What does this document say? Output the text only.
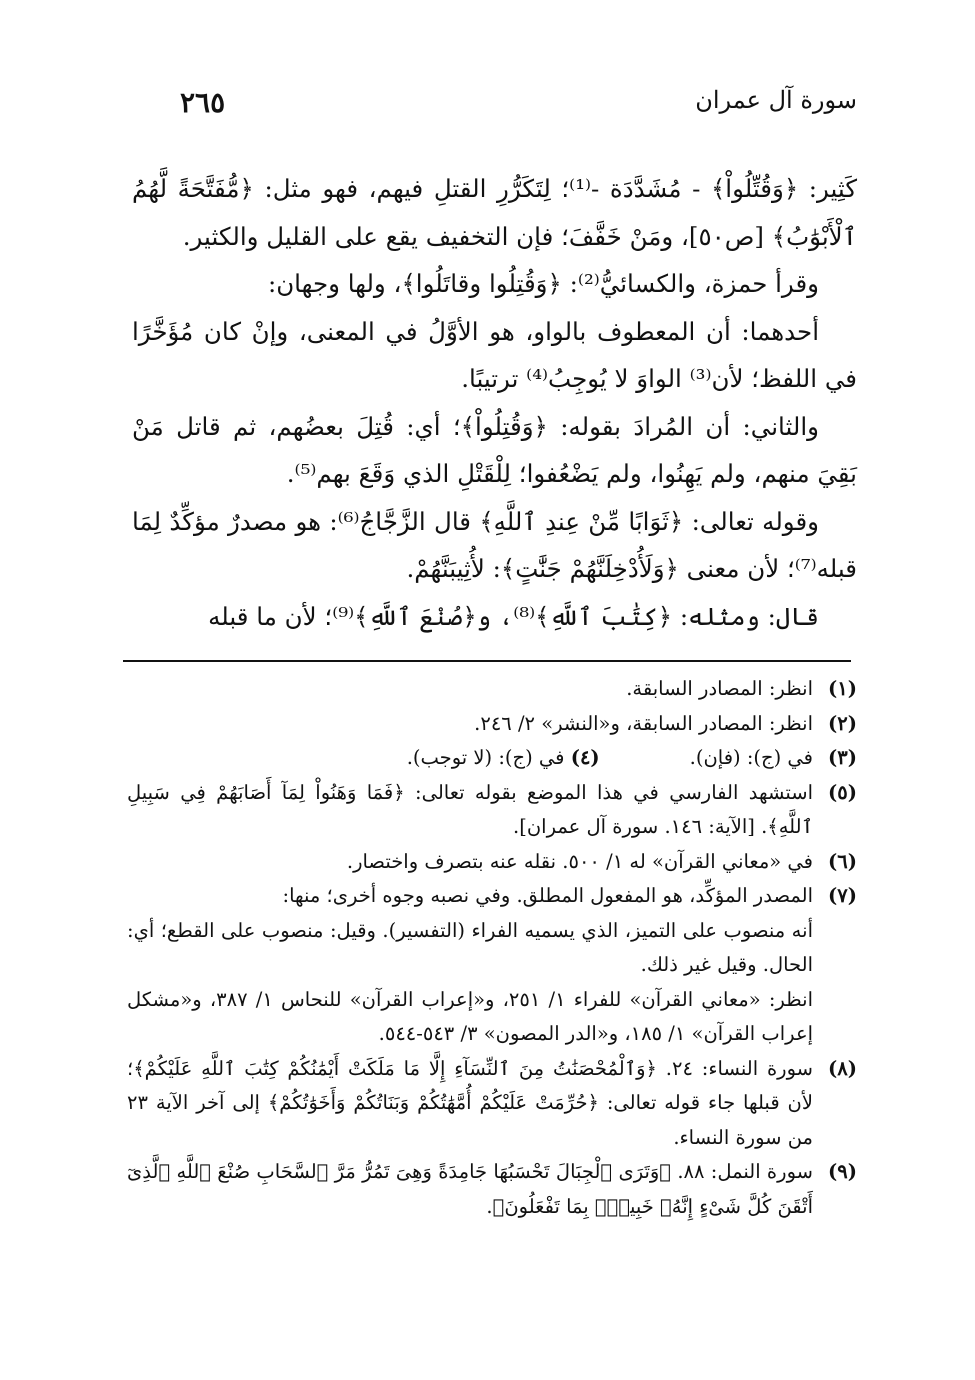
سورة آل عمران
٢٦٥

كَثِير: ﴿وَقُتِّلُواْ﴾ - مُشَدَّدَة -⁽¹⁾؛ لِتَكَرُّرِ القتلِ فيهم، فهو مثل: ﴿مُّفَتَّحَةً لَّهُمُ ٱلْأَبْوَٰبُ﴾ [ص٥٠]، ومَنْ خَفَّفَ؛ فإن التخفيف يقع على القليل والكثير.

وقرأ حمزة، والكسائيُّ⁽²⁾: ﴿وَقُتِلُوا وقاتَلُوا﴾، ولها وجهان:

أحدهما: أن المعطوف بالواو، هو الأوَّلُ في المعنى، وإنْ كان مُؤَخَّرًا في اللفظ؛ لأن⁽³⁾ الواوَ لا يُوجِبُ⁽⁴⁾ ترتيبًا.

والثاني: أن المُرادَ بقوله: ﴿وَقُتِلُواْ﴾؛ أي: قُتِلَ بعضُهم، ثم قاتل مَنْ بَقِيَ منهم، ولم يَهِنُوا، ولم يَضْعُفوا؛ لِلْقَتْلِ الذي وَقَعَ بهم⁽⁵⁾.

وقوله تعالى: ﴿ثَوَابًا مِّنْ عِندِ ٱللَّهِ﴾ قال الزَّجَّاجُ⁽⁶⁾: هو مصدرٌ مؤكِّدٌ لِمَا قبله⁽⁷⁾؛ لأن معنى ﴿وَلَأُدْخِلَنَّهُمْ جَنَّٰتٍ﴾: لأُثِيبَنَّهُمْ.

قال: ومثله: ﴿كِتَٰبَ ٱللَّهِ﴾⁽⁸⁾، و﴿صُنْعَ ٱللَّهِ﴾⁽⁹⁾؛ لأن ما قبله

(١)
انظر: المصادر السابقة.
(٢)
انظر: المصادر السابقة، و«النشر» ٢/ ٢٤٦.
(٣)
في (ج): (فإن).
(٤) في (ج): (لا توجب).
(٥)
استشهد الفارسي في هذا الموضع بقوله تعالى: ﴿فَمَا وَهَنُواْ لِمَآ أَصَابَهُمْ فِي سَبِيلِ ٱللَّهِ﴾. [الآية: ١٤٦. سورة آل عمران].
(٦)
في «معاني القرآن» له ١/ ٥٠٠. نقله عنه بتصرف واختصار.
(٧)
المصدر المؤكِّد، هو المفعول المطلق. وفي نصبه وجوه أخرى؛ منها:
أنه منصوب على التميز، الذي يسميه الفراء (التفسير). وقيل: منصوب على القطع؛ أي: الحال. وقيل غير ذلك.
انظر: «معاني القرآن» للفراء ١/ ٢٥١، و«إعراب القرآن» للنحاس ١/ ٣٨٧، و«مشكل إعراب القرآن» ١/ ١٨٥، و«الدر المصون» ٣/ ٥٤٣-٥٤٤.
(٨)
سورة النساء: ٢٤. ﴿وَٱلْمُحْصَنَٰتُ مِنَ ٱلنِّسَآءِ إِلَّا مَا مَلَكَتْ أَيْمَٰنُكُمْ كِتَٰبَ ٱللَّهِ عَلَيْكُمْ﴾؛ لأن قبلها جاء قوله تعالى: ﴿حُرِّمَتْ عَلَيْكُمْ أُمَّهَٰتُكُمْ وَبَنَاتُكُمْ وَأَخَوَٰتُكُمْ﴾ إلى آخر الآية ٢٣ من سورة النساء.
(٩)
سورة النمل: ٨٨. ﴿وَتَرَى ٱلْجِبَالَ تَحْسَبُهَا جَامِدَةً وَهِىَ تَمُرُّ مَرَّ ٱلسَّحَابِ صُنْعَ ٱللَّهِ ٱلَّذِىٓ أَتْقَنَ كُلَّ شَىْءٍ إِنَّهُۥ خَبِيرٌۢ بِمَا تَفْعَلُونَ﴾.
